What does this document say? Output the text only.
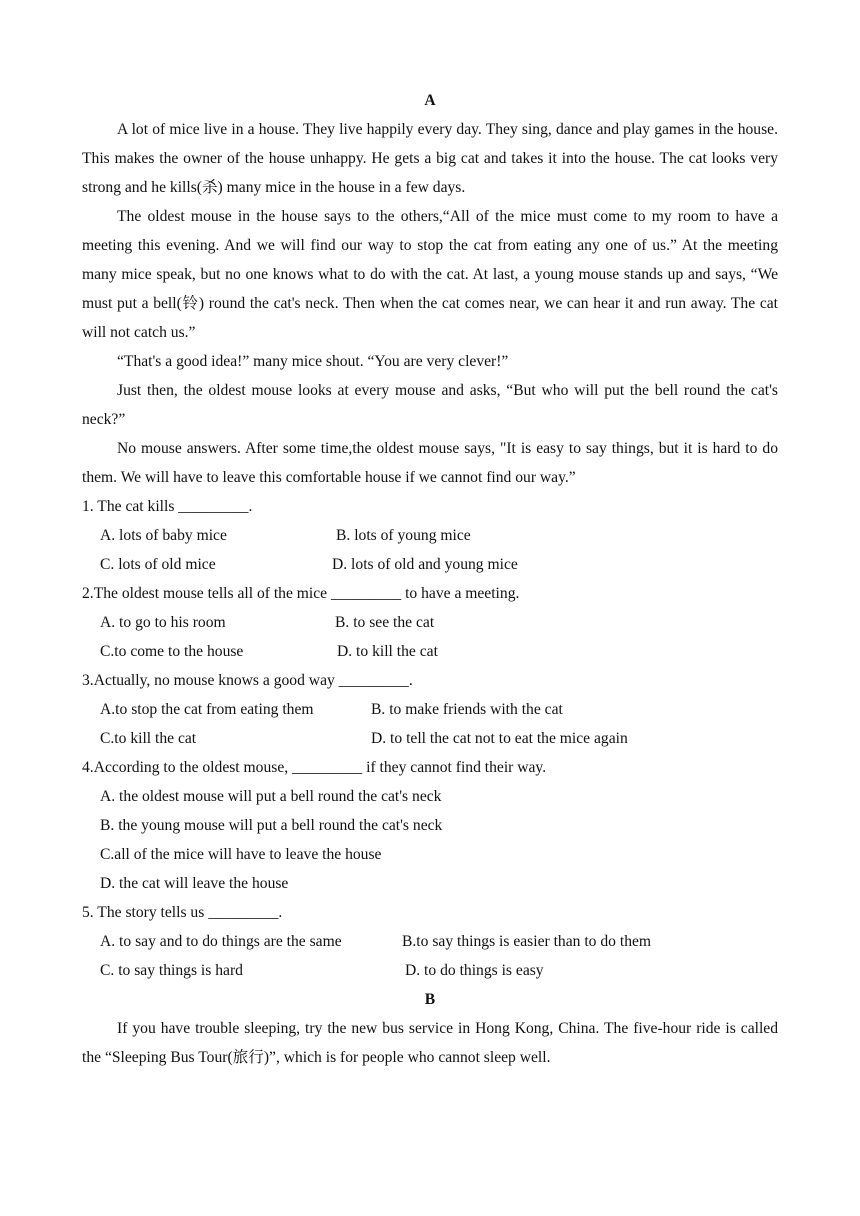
A

A lot of mice live in a house. They live happily every day. They sing, dance and play games in the house. This makes the owner of the house unhappy. He gets a big cat and takes it into the house. The cat looks very strong and he kills(杀) many mice in the house in a few days.

The oldest mouse in the house says to the others,“All of the mice must come to my room to have a meeting this evening. And we will find our way to stop the cat from eating any one of us.” At the meeting many mice speak, but no one knows what to do with the cat. At last, a young mouse stands up and says, “We must put a bell(铃) round the cat's neck. Then when the cat comes near, we can hear it and run away. The cat will not catch us.”

“That's a good idea!” many mice shout. “You are very clever!”

Just then, the oldest mouse looks at every mouse and asks, “But who will put the bell round the cat's neck?”

No mouse answers. After some time,the oldest mouse says, "It is easy to say things, but it is hard to do them. We will have to leave this comfortable house if we cannot find our way.”

1. The cat kills _________.
A. lots of baby mice	B. lots of young mice
C. lots of old mice	D. lots of old and young mice
2.The oldest mouse tells all of the mice _________ to have a meeting.
A. to go to his room	B. to see the cat
C.to come to the house	D. to kill the cat
3.Actually, no mouse knows a good way _________.
A.to stop the cat from eating them	B. to make friends with the cat
C.to kill the cat	D. to tell the cat not to eat the mice again
4.According to the oldest mouse, _________ if they cannot find their way.
A. the oldest mouse will put a bell round the cat's neck
B. the young mouse will put a bell round the cat's neck
C.all of the mice will have to leave the house
D. the cat will leave the house
5. The story tells us _________.
A. to say and to do things are the same	B.to say things is easier than to do them
C. to say things is hard	D. to do things is easy
B

If you have trouble sleeping, try the new bus service in Hong Kong, China. The five-hour ride is called the “Sleeping Bus Tour(旅行)”, which is for people who cannot sleep well.
